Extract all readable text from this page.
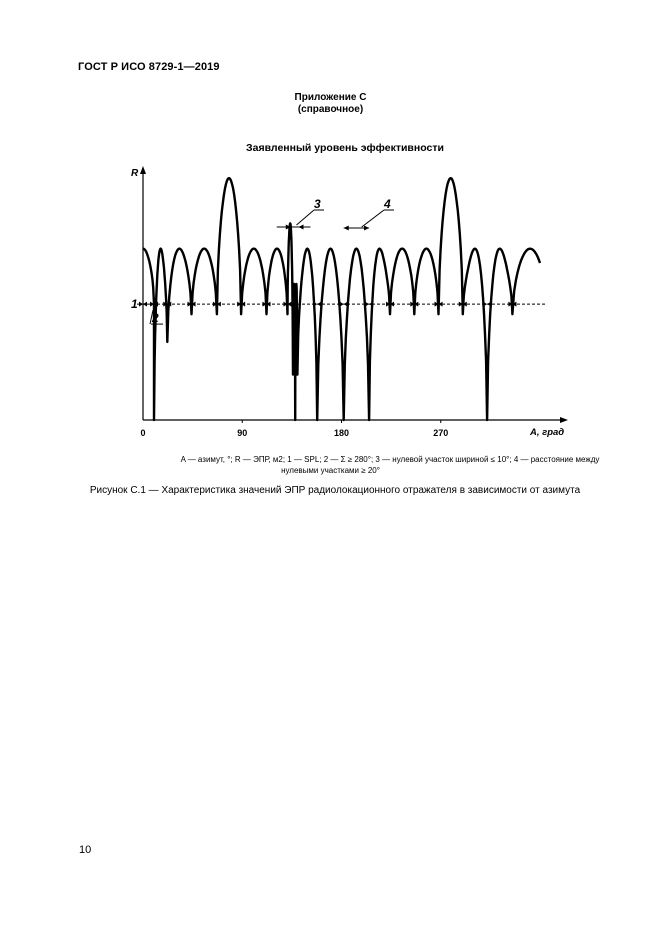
ГОСТ Р ИСО 8729-1—2019
Приложение С
(справочное)
Заявленный уровень эффективности
0	90	180	270	A, град
R
1
2
3	4
A — азимут, °; R — ЭПР, м2; 1 — SPL; 2 — Σ ≥ 280°; 3 — нулевой участок шириной ≤ 10°; 4 — расстояние между
нулевыми участками ≥ 20°
Рисунок С.1 — Характеристика значений ЭПР радиолокационного отражателя в зависимости от азимута
10
